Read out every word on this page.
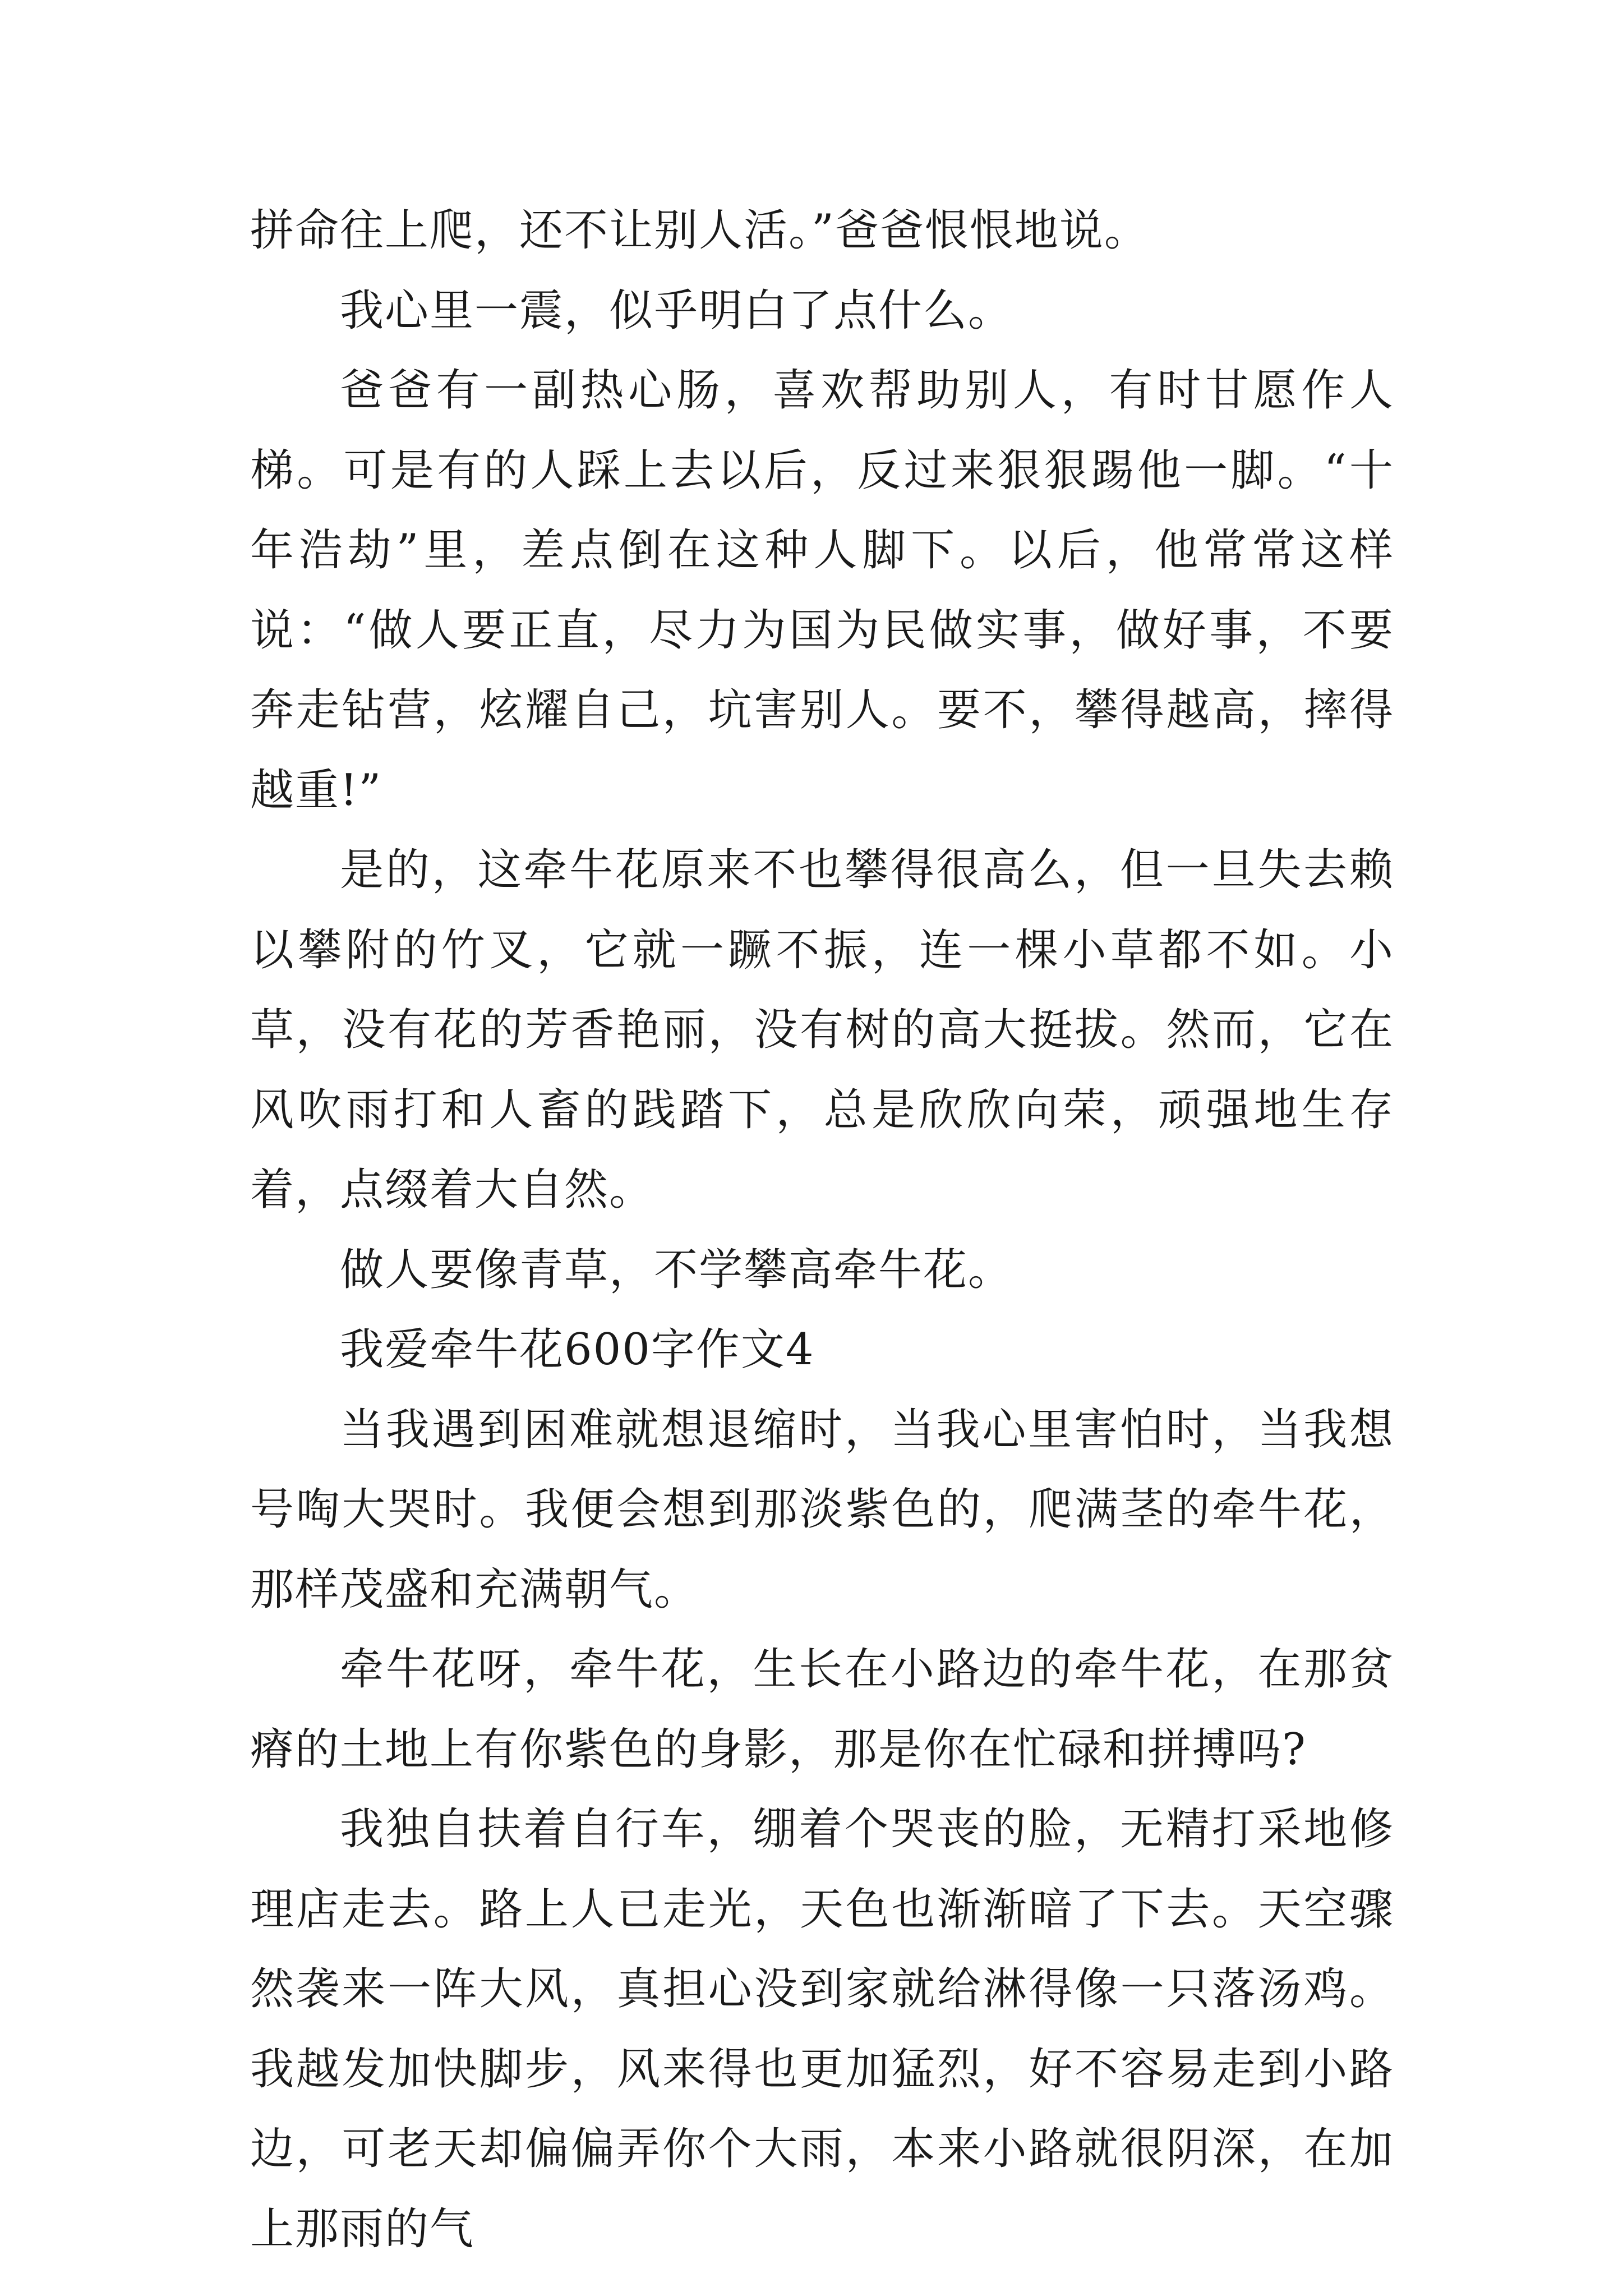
拼命往上爬，还不让别人活。”爸爸恨恨地说。

我心里一震，似乎明白了点什么。

爸爸有一副热心肠，喜欢帮助别人，有时甘愿作人梯。可是有的人踩上去以后，反过来狠狠踢他一脚。“十年浩劫”里，差点倒在这种人脚下。以后，他常常这样说：“做人要正直，尽力为国为民做实事，做好事，不要奔走钻营，炫耀自己，坑害别人。要不，攀得越高，摔得越重!”

是的，这牵牛花原来不也攀得很高么，但一旦失去赖以攀附的竹叉，它就一蹶不振，连一棵小草都不如。小草，没有花的芳香艳丽，没有树的高大挺拔。然而，它在风吹雨打和人畜的践踏下，总是欣欣向荣，顽强地生存着，点缀着大自然。

做人要像青草，不学攀高牵牛花。

我爱牵牛花600字作文4

当我遇到困难就想退缩时，当我心里害怕时，当我想号啕大哭时。我便会想到那淡紫色的，爬满茎的牵牛花，那样茂盛和充满朝气。

牵牛花呀，牵牛花，生长在小路边的牵牛花，在那贫瘠的土地上有你紫色的身影，那是你在忙碌和拼搏吗?

我独自扶着自行车，绷着个哭丧的脸，无精打采地修理店走去。路上人已走光，天色也渐渐暗了下去。天空骤然袭来一阵大风，真担心没到家就给淋得像一只落汤鸡。我越发加快脚步，风来得也更加猛烈，好不容易走到小路边，可老天却偏偏弄你个大雨，本来小路就很阴深，在加上那雨的气
